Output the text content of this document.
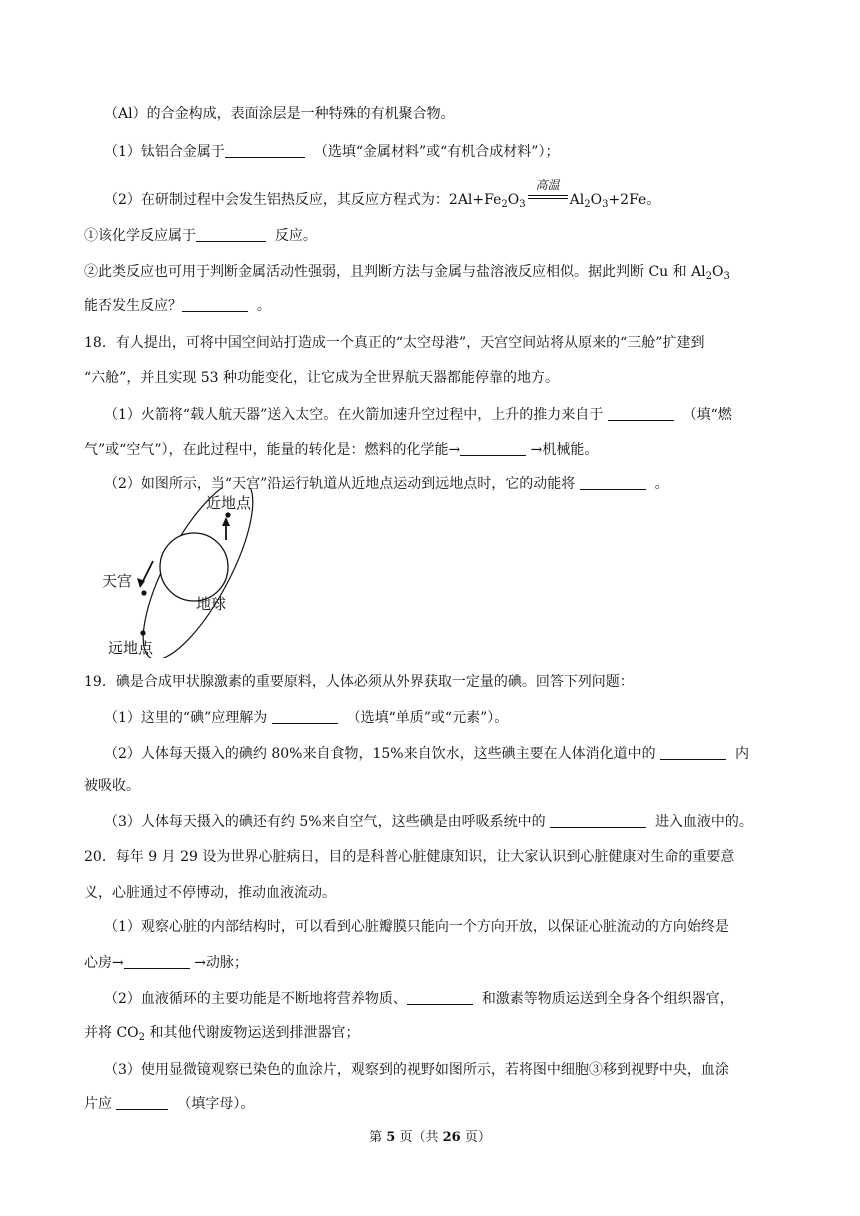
（Al）的合金构成，表面涂层是一种特殊的有机聚合物。
（1）钛铝合金属于	（选填“金属材料”或“有机合成材料”）；
（2）在研制过程中会发生铝热反应，其反应方程式为：$2Al+Fe_2O_3$
高温
$Al_2O_3+2Fe$。
①该化学反应属于	反应。
②此类反应也可用于判断金属活动性强弱，且判断方法与金属与盐溶液反应相似。据此判断 Cu 和 $Al_2O_3$
能否发生反应？	。
18．有人提出，可将中国空间站打造成一个真正的“太空母港”，天宫空间站将从原来的“三舱”扩建到
“六舱”，并且实现 53 种功能变化，让它成为全世界航天器都能停靠的地方。
（1）火箭将“载人航天器”送入太空。在火箭加速升空过程中，上升的推力来自于	（填“燃
气”或“空气”），在此过程中，能量的转化是：燃料的化学能→	→机械能。
（2）如图所示，当“天宫”沿运行轨道从近地点运动到远地点时，它的动能将	。
近地点
天宫
地球
远地点
19．碘是合成甲状腺激素的重要原料，人体必须从外界获取一定量的碘。回答下列问题：
（1）这里的“碘”应理解为	（选填“单质”或“元素”）。
（2）人体每天摄入的碘约 80%来自食物，15%来自饮水，这些碘主要在人体消化道中的	内
被吸收。
（3）人体每天摄入的碘还有约 5%来自空气，这些碘是由呼吸系统中的	进入血液中的。
20．每年 9 月 29 设为世界心脏病日，目的是科普心脏健康知识，让大家认识到心脏健康对生命的重要意
义，心脏通过不停博动，推动血液流动。
（1）观察心脏的内部结构时，可以看到心脏瓣膜只能向一个方向开放，以保证心脏流动的方向始终是
心房→	→动脉；
（2）血液循环的主要功能是不断地将营养物质、	和激素等物质运送到全身各个组织器官，
并将 $CO_2$ 和其他代谢废物运送到排泄器官；
（3）使用显微镜观察已染色的血涂片，观察到的视野如图所示，若将图中细胞③移到视野中央，血涂
片应	（填字母）。
第 5 页（共 26 页）
